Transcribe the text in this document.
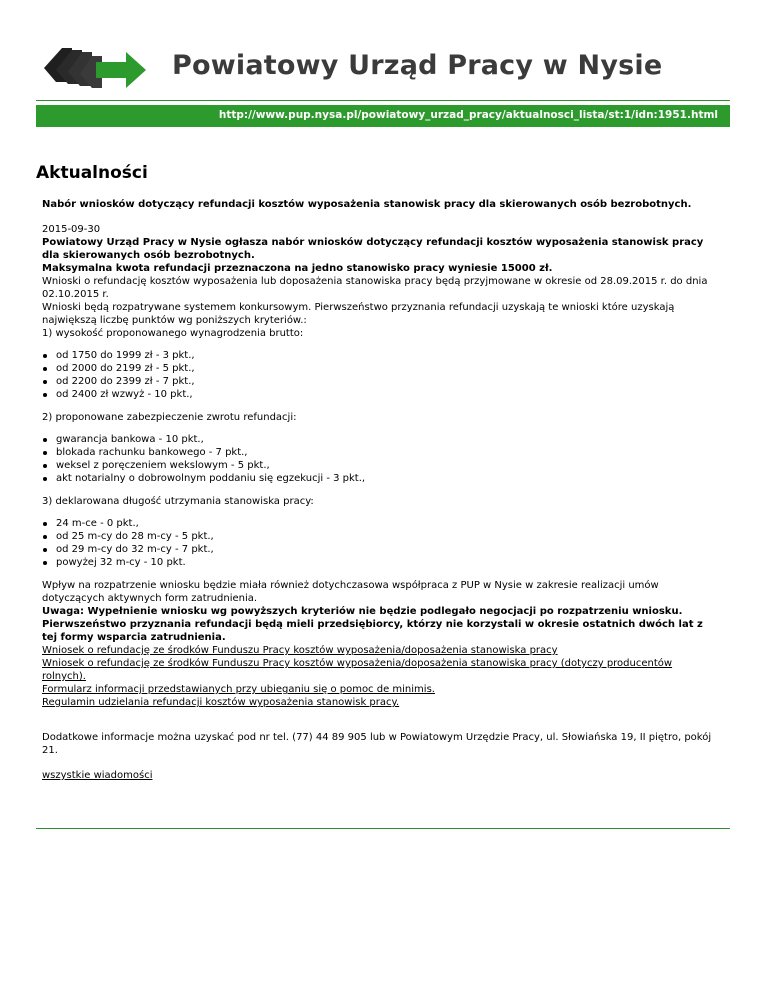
Powiatowy Urząd Pracy w Nysie
http://www.pup.nysa.pl/powiatowy_urzad_pracy/aktualnosci_lista/st:1/idn:1951.html
Aktualności

Nabór wniosków dotyczący refundacji kosztów wyposażenia stanowisk pracy dla skierowanych osób bezrobotnych.

2015-09-30

Powiatowy Urząd Pracy w Nysie ogłasza nabór wniosków dotyczący refundacji kosztów wyposażenia stanowisk pracy dla skierowanych osób bezrobotnych.

Maksymalna kwota refundacji przeznaczona na jedno stanowisko pracy wyniesie 15000 zł.

Wnioski o refundację kosztów wyposażenia lub doposażenia stanowiska pracy będą przyjmowane w okresie od 28.09.2015 r. do dnia 02.10.2015 r.

Wnioski będą rozpatrywane systemem konkursowym. Pierwszeństwo przyznania refundacji uzyskają te wnioski które uzyskają największą liczbę punktów wg poniższych kryteriów.:

1) wysokość proponowanego wynagrodzenia brutto:

od 1750 do 1999 zł - 3 pkt.,
od 2000 do 2199 zł - 5 pkt.,
od 2200 do 2399 zł - 7 pkt.,
od 2400 zł wzwyż - 10 pkt.,

2) proponowane zabezpieczenie zwrotu refundacji:

gwarancja bankowa - 10 pkt.,
blokada rachunku bankowego - 7 pkt.,
weksel z poręczeniem wekslowym - 5 pkt.,
akt notarialny o dobrowolnym poddaniu się egzekucji - 3 pkt.,

3) deklarowana długość utrzymania stanowiska pracy:

24 m-ce - 0 pkt.,
od 25 m-cy do 28 m-cy - 5 pkt.,
od 29 m-cy do 32 m-cy - 7 pkt.,
powyżej 32 m-cy - 10 pkt.

Wpływ na rozpatrzenie wniosku będzie miała również dotychczasowa współpraca z PUP w Nysie w zakresie realizacji umów dotyczących aktywnych form zatrudnienia.

Uwaga: Wypełnienie wniosku wg powyższych kryteriów nie będzie podlegało negocjacji po rozpatrzeniu wniosku.

Pierwszeństwo przyznania refundacji będą mieli przedsiębiorcy, którzy nie korzystali w okresie ostatnich dwóch lat z tej formy wsparcia zatrudnienia.

Wniosek o refundację ze środków Funduszu Pracy kosztów wyposażenia/doposażenia stanowiska pracy

Wniosek o refundację ze środków Funduszu Pracy kosztów wyposażenia/doposażenia stanowiska pracy (dotyczy producentów rolnych).

Formularz informacji przedstawianych przy ubieganiu się o pomoc de minimis.

Regulamin udzielania refundacji kosztów wyposażenia stanowisk pracy.

Dodatkowe informacje można uzyskać pod nr tel. (77) 44 89 905 lub w Powiatowym Urzędzie Pracy, ul. Słowiańska 19, II piętro, pokój 21.

wszystkie wiadomości
